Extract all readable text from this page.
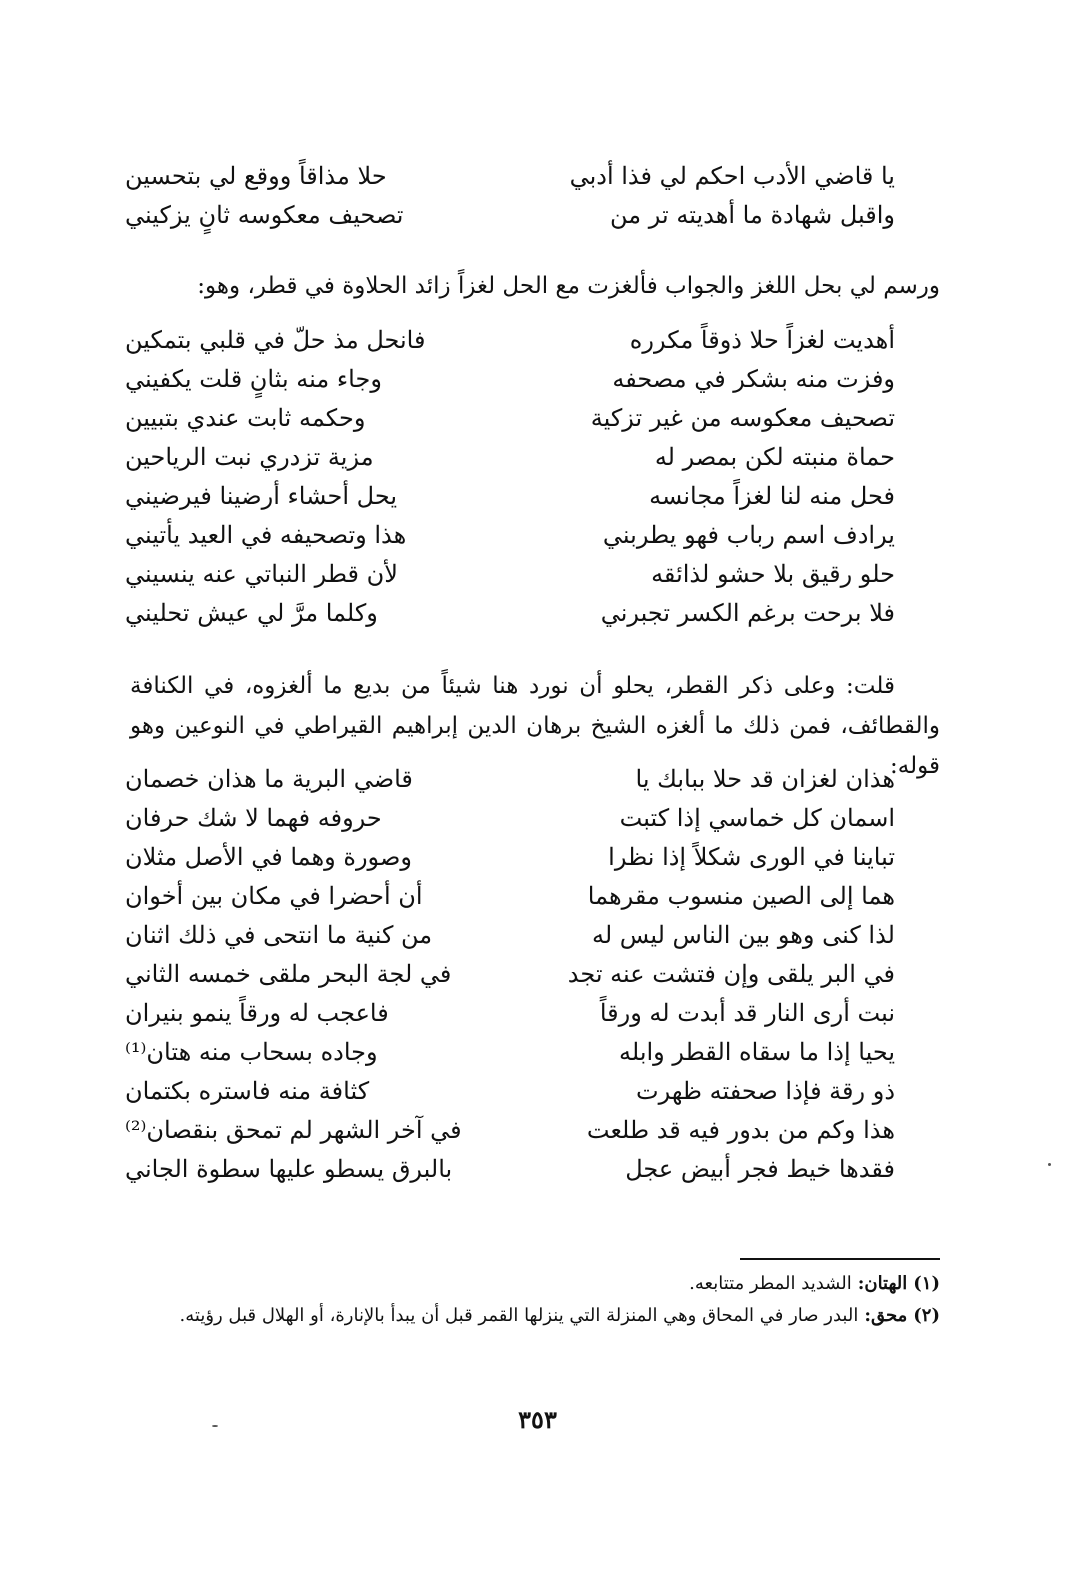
يا قاضي الأدب احكم لي فذا أدبي
حلا مذاقاً ووقع لي بتحسين
واقبل شهادة ما أهديته تر من
تصحيف معكوسه ثانٍ يزكيني

ورسم لي بحل اللغز والجواب فألغزت مع الحل لغزاً زائد الحلاوة في قطر، وهو:

أهديت لغزاً حلا ذوقاً مكرره
فانحل مذ حلّ في قلبي بتمكين
وفزت منه بشكر في مصحفه
وجاء منه بثانٍ قلت يكفيني
تصحيف معكوسه من غير تزكية
وحكمه ثابت عندي بتبيين
حماة منبته لكن بمصر له
مزية تزدري نبت الرياحين
فحل منه لنا لغزاً مجانسه
يحل أحشاء أرضينا فيرضيني
يرادف اسم رباب فهو يطربني
هذا وتصحيفه في العيد يأتيني
حلو رقيق بلا حشو لذائقه
لأن قطر النباتي عنه ينسيني
فلا برحت برغم الكسر تجبرني
وكلما مرَّ لي عيش تحليني

قلت: وعلى ذكر القطر، يحلو أن نورد هنا شيئاً من بديع ما ألغزوه، في الكنافة والقطائف، فمن ذلك ما ألغزه الشيخ برهان الدين إبراهيم القيراطي في النوعين وهو قوله:

هذان لغزان قد حلا ببابك يا
قاضي البرية ما هذان خصمان
اسمان كل خماسي إذا كتبت
حروفه فهما لا شك حرفان
تباينا في الورى شكلاً إذا نظرا
وصورة وهما في الأصل مثلان
هما إلى الصين منسوب مقرهما
أن أحضرا في مكان بين أخوان
لذا كنى وهو بين الناس ليس له
من كنية ما انتحى في ذلك اثنان
في البر يلقى وإن فتشت عنه تجد
في لجة البحر ملقى خمسه الثاني
نبت أرى النار قد أبدت له ورقاً
فاعجب له ورقاً ينمو بنيران
يحيا إذا ما سقاه القطر وابله
وجاده بسحاب منه هتان⁽¹⁾
ذو رقة فإذا صحفته ظهرت
كثافة منه فاستره بكتمان
هذا وكم من بدور فيه قد طلعت
في آخر الشهر لم تمحق بنقصان⁽²⁾
فقدها خيط فجر أبيض عجل
بالبرق يسطو عليها سطوة الجاني

(١)الهتان:الشديد المطر متتابعه.

(٢)محق:البدر صار في المحاق وهي المنزلة التي ينزلها القمر قبل أن يبدأ بالإنارة، أو الهلال قبل رؤيته.

٣٥٣
